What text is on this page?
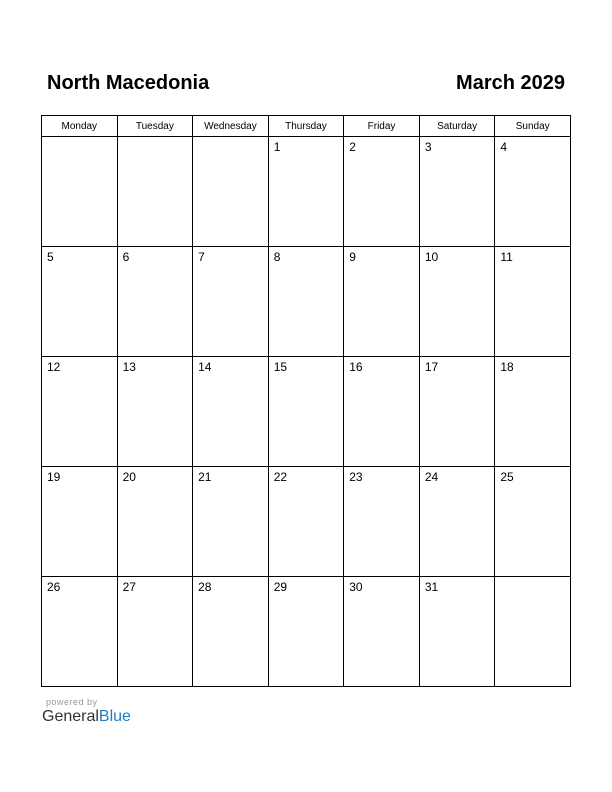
North Macedonia	March 2029
Monday	Tuesday	Wednesday	Thursday	Friday	Saturday	Sunday

			1	2	3	4

5	6	7	8	9	10	11

12	13	14	15	16	17	18

19	20	21	22	23	24	25

26	27	28	29	30	31	

powered by
GeneralBlue
